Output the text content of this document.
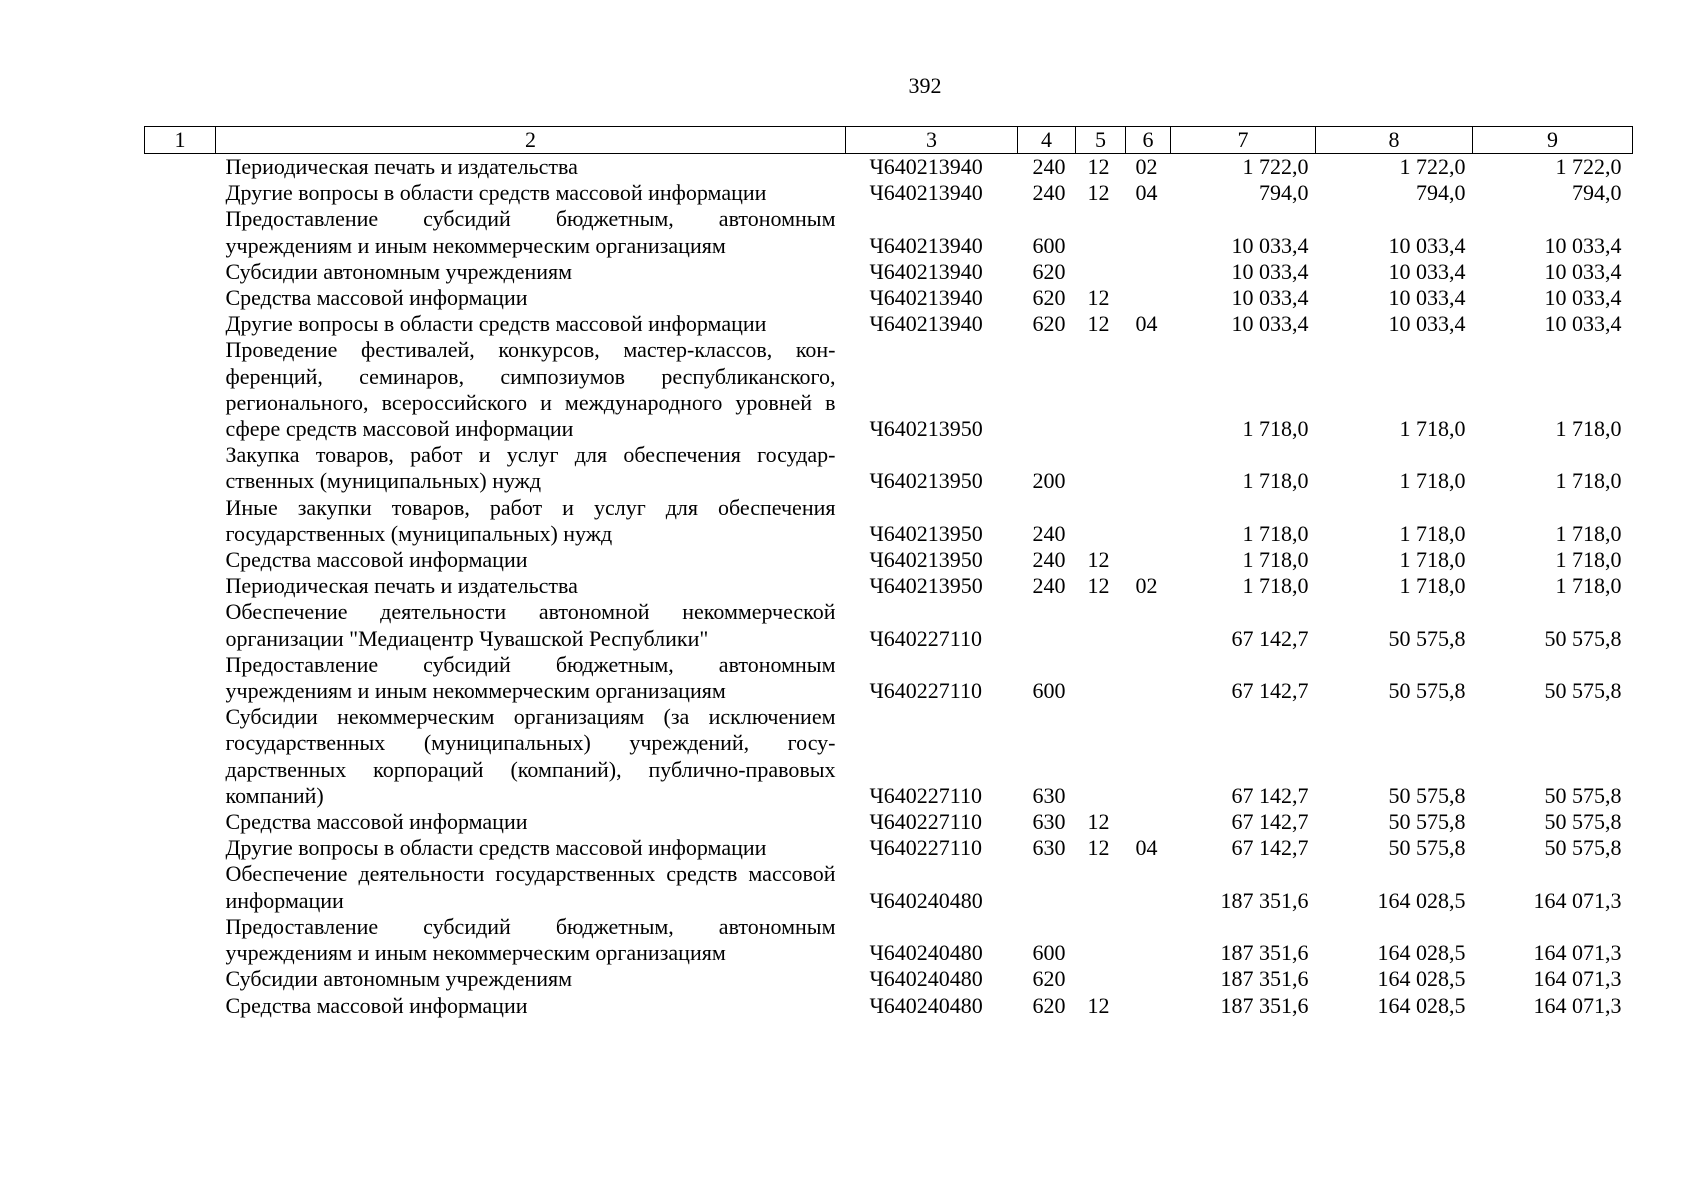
392
1	2	3	4	5	6	7	8	9
	Периодическая печать и издательства	Ч640213940	240	12	02	1 722,0	1 722,0	1 722,0
	Другие вопросы в области средств массовой информации	Ч640213940	240	12	04	794,0	794,0	794,0
	Предоставление субсидий бюджетным, автономным учреждениям и иным некоммерческим организациям	Ч640213940	600			10 033,4	10 033,4	10 033,4
	Субсидии автономным учреждениям	Ч640213940	620			10 033,4	10 033,4	10 033,4
	Средства массовой информации	Ч640213940	620	12		10 033,4	10 033,4	10 033,4
	Другие вопросы в области средств массовой информации	Ч640213940	620	12	04	10 033,4	10 033,4	10 033,4
	Проведение фестивалей, конкурсов, мастер-классов, конференций, семинаров, симпозиумов республиканского, регионального, всероссийского и международного уровней в сфере средств массовой информации	Ч640213950				1 718,0	1 718,0	1 718,0
	Закупка товаров, работ и услуг для обеспечения государственных (муниципальных) нужд	Ч640213950	200			1 718,0	1 718,0	1 718,0
	Иные закупки товаров, работ и услуг для обеспечения государственных (муниципальных) нужд	Ч640213950	240			1 718,0	1 718,0	1 718,0
	Средства массовой информации	Ч640213950	240	12		1 718,0	1 718,0	1 718,0
	Периодическая печать и издательства	Ч640213950	240	12	02	1 718,0	1 718,0	1 718,0
	Обеспечение деятельности автономной некоммерческой организации "Медиацентр Чувашской Республики"	Ч640227110				67 142,7	50 575,8	50 575,8
	Предоставление субсидий бюджетным, автономным учреждениям и иным некоммерческим организациям	Ч640227110	600			67 142,7	50 575,8	50 575,8
	Субсидии некоммерческим организациям (за исключением государственных (муниципальных) учреждений, государственных корпораций (компаний), публично-правовых компаний)	Ч640227110	630			67 142,7	50 575,8	50 575,8
	Средства массовой информации	Ч640227110	630	12		67 142,7	50 575,8	50 575,8
	Другие вопросы в области средств массовой информации	Ч640227110	630	12	04	67 142,7	50 575,8	50 575,8
	Обеспечение деятельности государственных средств массовой информации	Ч640240480				187 351,6	164 028,5	164 071,3
	Предоставление субсидий бюджетным, автономным учреждениям и иным некоммерческим организациям	Ч640240480	600			187 351,6	164 028,5	164 071,3
	Субсидии автономным учреждениям	Ч640240480	620			187 351,6	164 028,5	164 071,3
	Средства массовой информации	Ч640240480	620	12		187 351,6	164 028,5	164 071,3
